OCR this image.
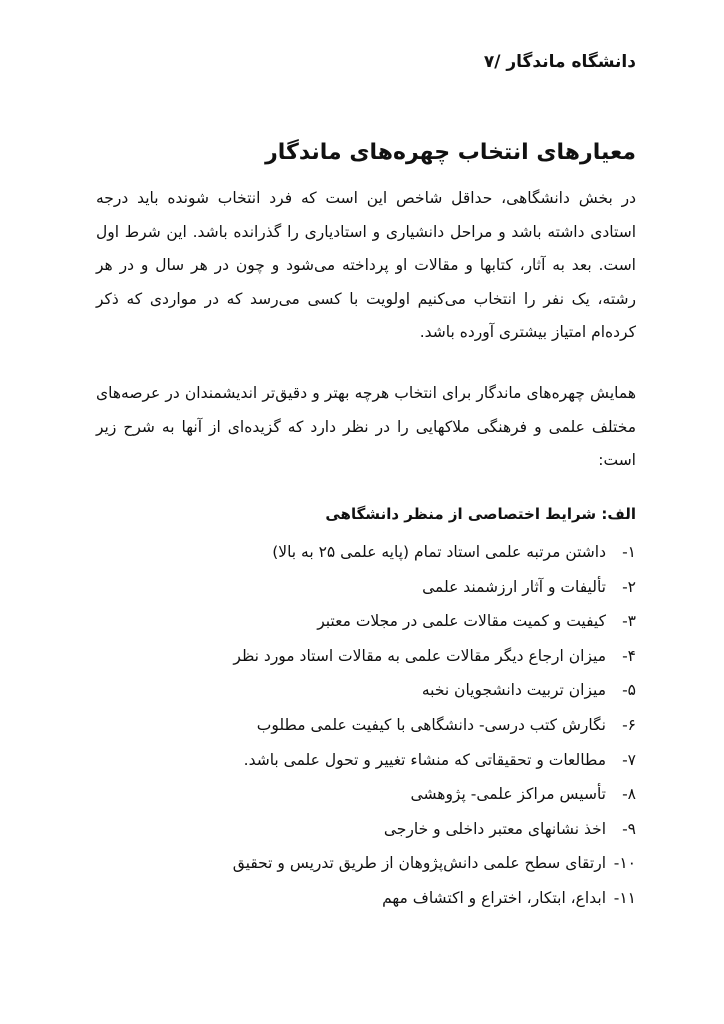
دانشگاه ماندگار /۷
معیارهای انتخاب چهره‌های ماندگار

در بخش دانشگاهی، حداقل شاخص این است که فرد انتخاب شونده باید درجه استادی داشته باشد و مراحل دانشیاری و استادیاری را گذرانده باشد. این شرط اول است. بعد به آثار، کتابها و مقالات او پرداخته می‌شود و چون در هر سال و در هر رشته، یک نفر را انتخاب می‌کنیم اولویت با کسی می‌رسد که در مواردی که ذکر کرده‌ام امتیاز بیشتری آورده باشد.

همایش چهره‌های ماندگار برای انتخاب هرچه بهتر و دقیق‌تر اندیشمندان در عرصه‌های مختلف علمی و فرهنگی ملاکهایی را در نظر دارد که گزیده‌ای از آنها به شرح زیر است:

الف: شرایط اختصاصی از منظر دانشگاهی
۱-داشتن مرتبه علمی استاد تمام (پایه علمی ۲۵ به بالا)
۲-تألیفات و آثار ارزشمند علمی
۳-کیفیت و کمیت مقالات علمی در مجلات معتبر
۴-میزان ارجاع دیگر مقالات علمی به مقالات استاد مورد نظر
۵-میزان تربیت دانشجویان نخبه
۶-نگارش کتب درسی- دانشگاهی با کیفیت علمی مطلوب
۷-مطالعات و تحقیقاتی که منشاء تغییر و تحول علمی باشد.
۸-تأسیس مراکز علمی- پژوهشی
۹-اخذ نشانهای معتبر داخلی و خارجی
۱۰-ارتقای سطح علمی دانش‌پژوهان از طریق تدریس و تحقیق
۱۱-ابداع، ابتکار، اختراع و اکتشاف مهم
